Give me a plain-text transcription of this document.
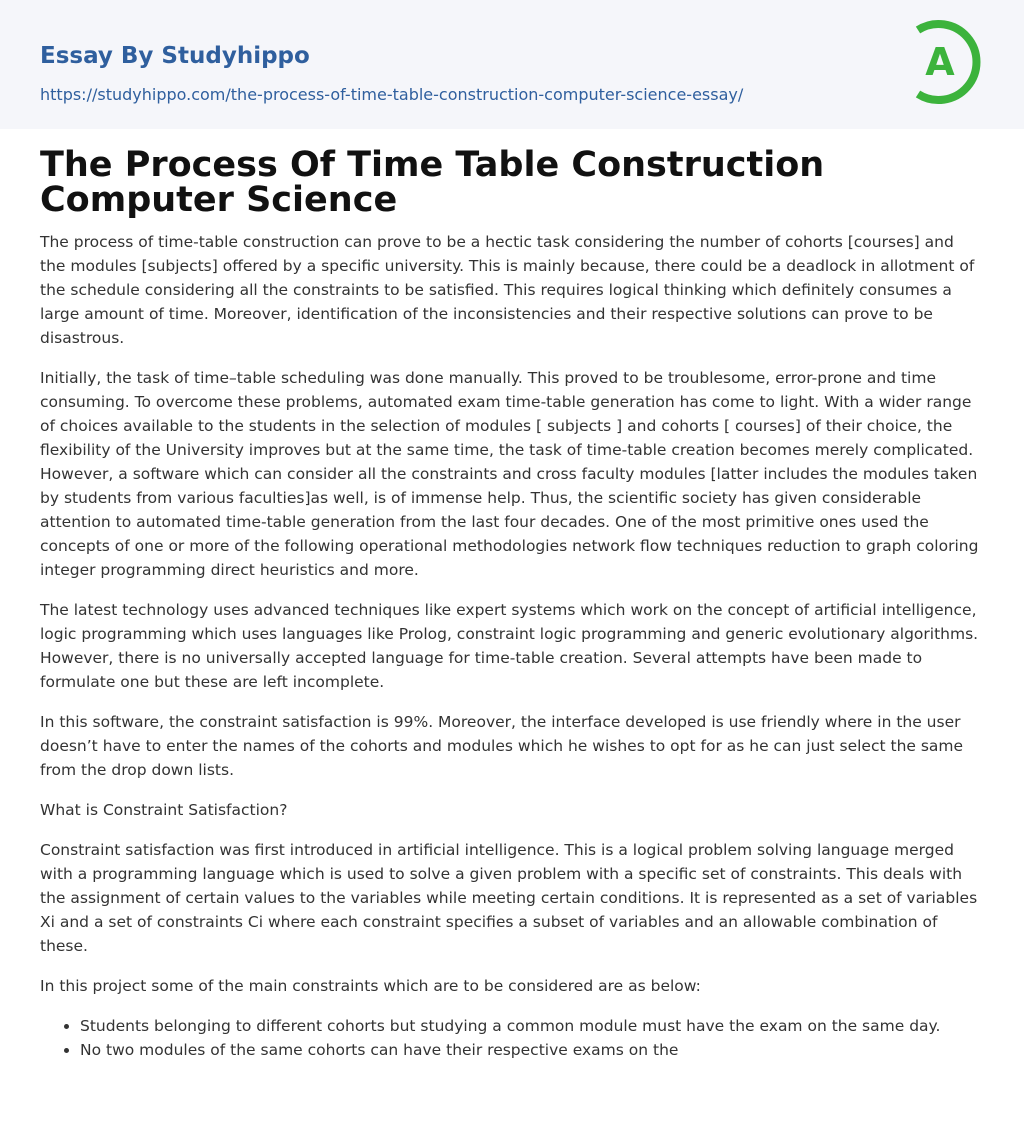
Essay By Studyhippo
https://studyhippo.com/the-process-of-time-table-construction-computer-science-essay/
A
The Process Of Time Table Construction Computer Science

The process of time-table construction can prove to be a hectic task considering the number of cohorts [courses] and the modules [subjects] offered by a specific university. This is mainly because, there could be a deadlock in allotment of the schedule considering all the constraints to be satisfied. This requires logical thinking which definitely consumes a large amount of time. Moreover, identification of the inconsistencies and their respective solutions can prove to be disastrous.

Initially, the task of time–table scheduling was done manually. This proved to be troublesome, error-prone and time consuming. To overcome these problems, automated exam time-table generation has come to light. With a wider range of choices available to the students in the selection of modules [ subjects ] and cohorts [ courses] of their choice, the flexibility of the University improves but at the same time, the task of time-table creation becomes merely complicated. However, a software which can consider all the constraints and cross faculty modules [latter includes the modules taken by students from various faculties]as well, is of immense help. Thus, the scientific society has given considerable attention to automated time-table generation from the last four decades. One of the most primitive ones used the concepts of one or more of the following operational methodologies network flow techniques reduction to graph coloring integer programming direct heuristics and more.

The latest technology uses advanced techniques like expert systems which work on the concept of artificial intelligence, logic programming which uses languages like Prolog, constraint logic programming and generic evolutionary algorithms. However, there is no universally accepted language for time-table creation. Several attempts have been made to formulate one but these are left incomplete.

In this software, the constraint satisfaction is 99%. Moreover, the interface developed is use friendly where in the user doesn’t have to enter the names of the cohorts and modules which he wishes to opt for as he can just select the same from the drop down lists.

What is Constraint Satisfaction?

Constraint satisfaction was first introduced in artificial intelligence. This is a logical problem solving language merged with a programming language which is used to solve a given problem with a specific set of constraints. This deals with the assignment of certain values to the variables while meeting certain conditions. It is represented as a set of variables Xi and a set of constraints Ci where each constraint specifies a subset of variables and an allowable combination of these.

In this project some of the main constraints which are to be considered are as below:

• Students belonging to different cohorts but studying a common module must have the exam on the same day.
• No two modules of the same cohorts can have their respective exams on the
